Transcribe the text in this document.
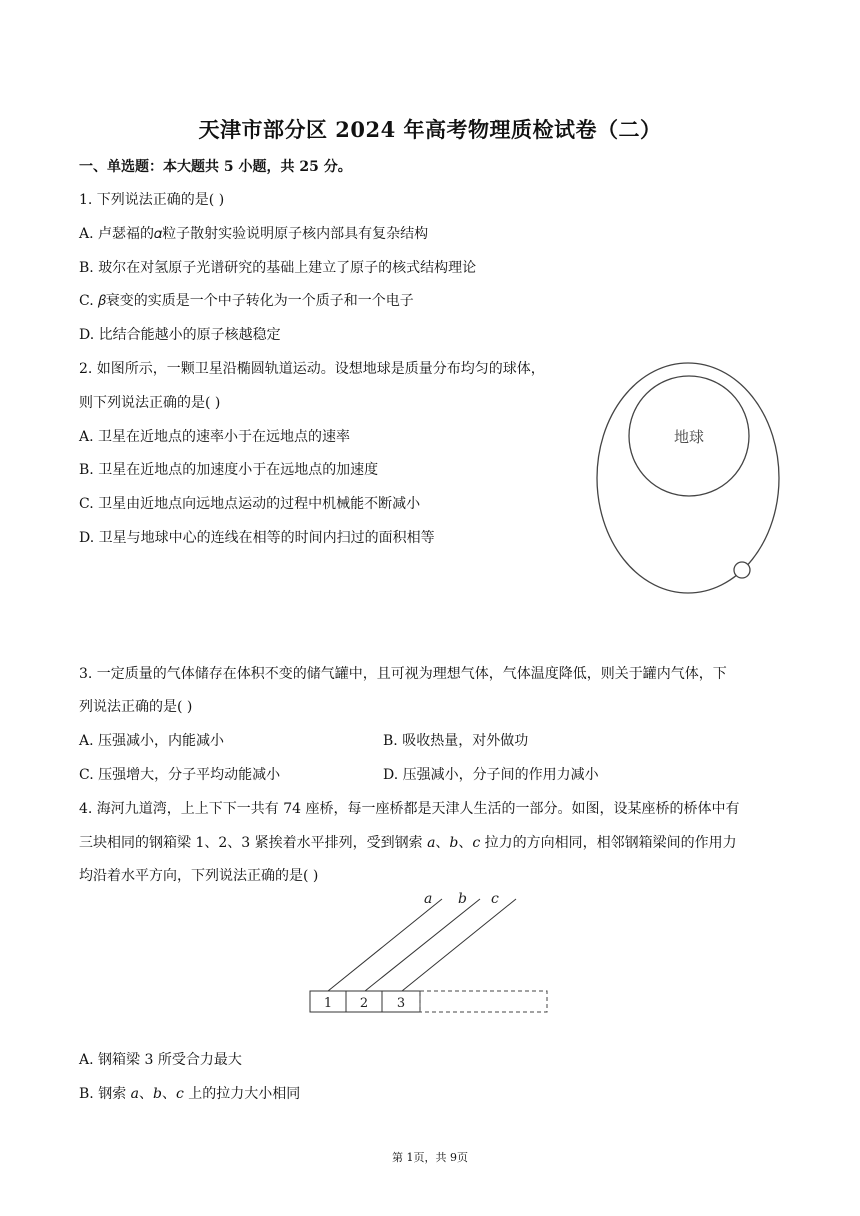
天津市部分区 2024 年高考物理质检试卷（二）
一、单选题：本大题共 5 小题，共 25 分。
1. 下列说法正确的是( )
A. 卢瑟福的𝛼粒子散射实验说明原子核内部具有复杂结构
B. 玻尔在对氢原子光谱研究的基础上建立了原子的核式结构理论
C. 𝛽衰变的实质是一个中子转化为一个质子和一个电子
D. 比结合能越小的原子核越稳定
2. 如图所示，一颗卫星沿椭圆轨道运动。设想地球是质量分布均匀的球体，
则下列说法正确的是( )
A. 卫星在近地点的速率小于在远地点的速率
B. 卫星在近地点的加速度小于在远地点的加速度
C. 卫星由近地点向远地点运动的过程中机械能不断减小
D. 卫星与地球中心的连线在相等的时间内扫过的面积相等
地球
3. 一定质量的气体储存在体积不变的储气罐中，且可视为理想气体，气体温度降低，则关于罐内气体，下
列说法正确的是( )
A. 压强减小，内能减小	B. 吸收热量，对外做功
C. 压强增大，分子平均动能减小	D. 压强减小，分子间的作用力减小
4. 海河九道湾，上上下下一共有 74 座桥，每一座桥都是天津人生活的一部分。如图，设某座桥的桥体中有
三块相同的钢箱梁 1、2、3 紧挨着水平排列，受到钢索 𝑎、𝑏、𝑐 拉力的方向相同，相邻钢箱梁间的作用力
均沿着水平方向，下列说法正确的是( )
𝑎 𝑏 𝑐
1 2 3
A. 钢箱梁 3 所受合力最大
B. 钢索 𝑎、𝑏、𝑐 上的拉力大小相同
第 1页，共 9页
